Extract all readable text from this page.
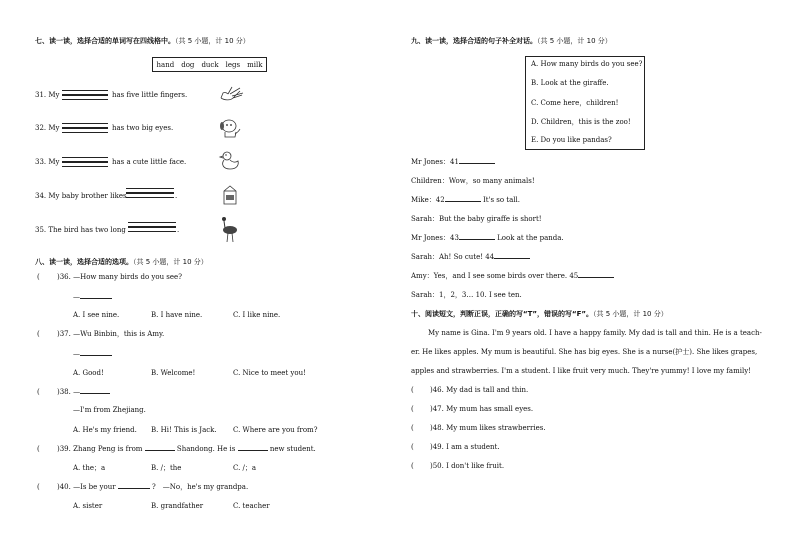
七、读一读，选择合适的单词写在四线格中。（共 5 小题，计 10 分）
hand dog duck legs milk
31. My	has five little fingers.
32. My	has two big eyes.
33. My	has a cute little face.
34. My baby brother likes	.
35. The bird has two long	.
八、读一读，选择合适的选项。（共 5 小题，计 10 分）
( )36. —How many birds do you see?
—
A. I see nine.	B. I have nine.	C. I like nine.
( )37. —Wu Binbin，this is Amy.
—
A. Good!	B. Welcome!	C. Nice to meet you!
( )38. —
—I'm from Zhejiang.
A. He's my friend. B. Hi! This is Jack. C. Where are you from?
( )39. Zhang Peng is from	Shandong. He is	new student.
A. the；a	B. /；the	C. /；a
( )40. —Is be your	?　—No，he's my grandpa.
A. sister	B. grandfather	C. teacher
九、读一读，选择合适的句子补全对话。（共 5 小题，计 10 分）
A. How many birds do you see?
B. Look at the giraffe.
C. Come here，children!
D. Children，this is the zoo!
E. Do you like pandas?
Mr Jones：41
Children：Wow，so many animals!
Mike：42	It's so tall.
Sarah：But the baby giraffe is short!
Mr Jones：43	Look at the panda.
Sarah：Ah! So cute! 44
Amy：Yes，and I see some birds over there. 45
Sarah：1，2，3… 10. I see ten.
十、阅读短文，判断正误，正确的写“T”，错误的写“F”。（共 5 小题，计 10 分）
My name is Gina. I'm 9 years old. I have a happy family. My dad is tall and thin. He is a teach-
er. He likes apples. My mum is beautiful. She has big eyes. She is a nurse(护士). She likes grapes,
apples and strawberries. I'm a student. I like fruit very much. They're yummy! I love my family!
( )46. My dad is tall and thin.
( )47. My mum has small eyes.
( )48. My mum likes strawberries.
( )49. I am a student.
( )50. I don't like fruit.
